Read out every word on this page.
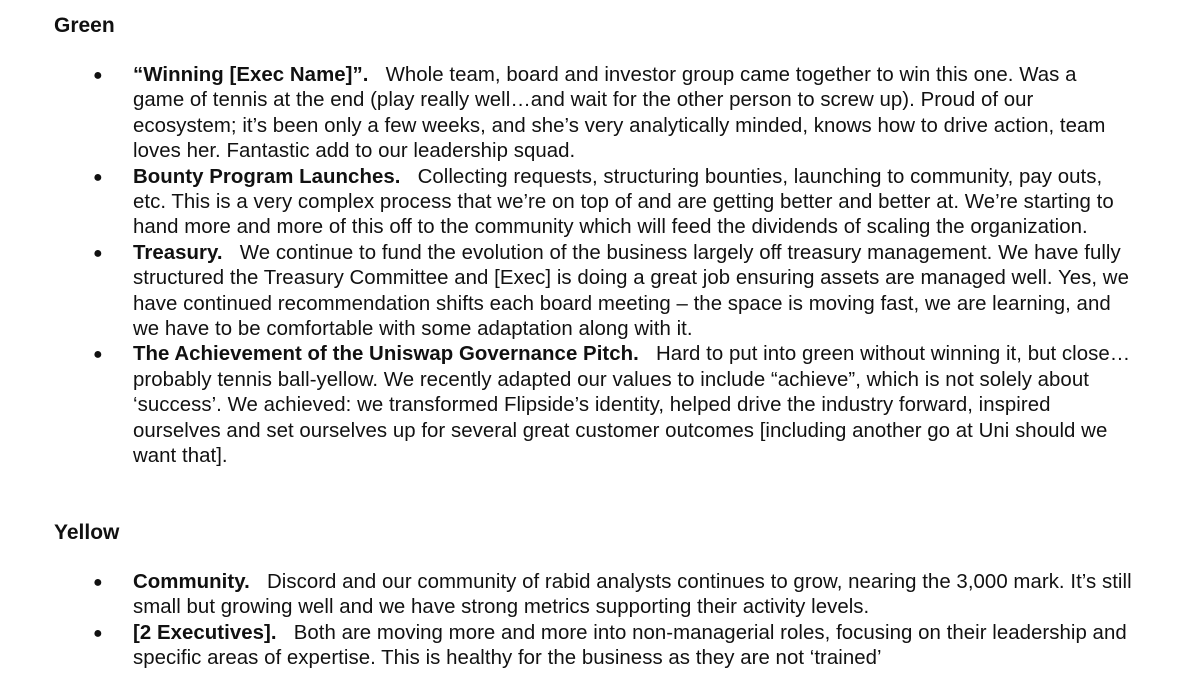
Green
● “Winning [Exec Name]”. Whole team, board and investor group came together to win this one. Was a game of tennis at the end (play really well…and wait for the other person to screw up). Proud of our ecosystem; it’s been only a few weeks, and she’s very analytically minded, knows how to drive action, team loves her. Fantastic add to our leadership squad.
● Bounty Program Launches. Collecting requests, structuring bounties, launching to community, pay outs, etc. This is a very complex process that we’re on top of and are getting better and better at. We’re starting to hand more and more of this off to the community which will feed the dividends of scaling the organization.
● Treasury. We continue to fund the evolution of the business largely off treasury management. We have fully structured the Treasury Committee and [Exec] is doing a great job ensuring assets are managed well. Yes, we have continued recommendation shifts each board meeting – the space is moving fast, we are learning, and we have to be comfortable with some adaptation along with it.
● The Achievement of the Uniswap Governance Pitch. Hard to put into green without winning it, but close… probably tennis ball-yellow. We recently adapted our values to include “achieve”, which is not solely about ‘success’. We achieved: we transformed Flipside’s identity, helped drive the industry forward, inspired ourselves and set ourselves up for several great customer outcomes [including another go at Uni should we want that].
Yellow
● Community. Discord and our community of rabid analysts continues to grow, nearing the 3,000 mark. It’s still small but growing well and we have strong metrics supporting their activity levels.
● [2 Executives]. Both are moving more and more into non-managerial roles, focusing on their leadership and specific areas of expertise. This is healthy for the business as they are not ‘trained’
